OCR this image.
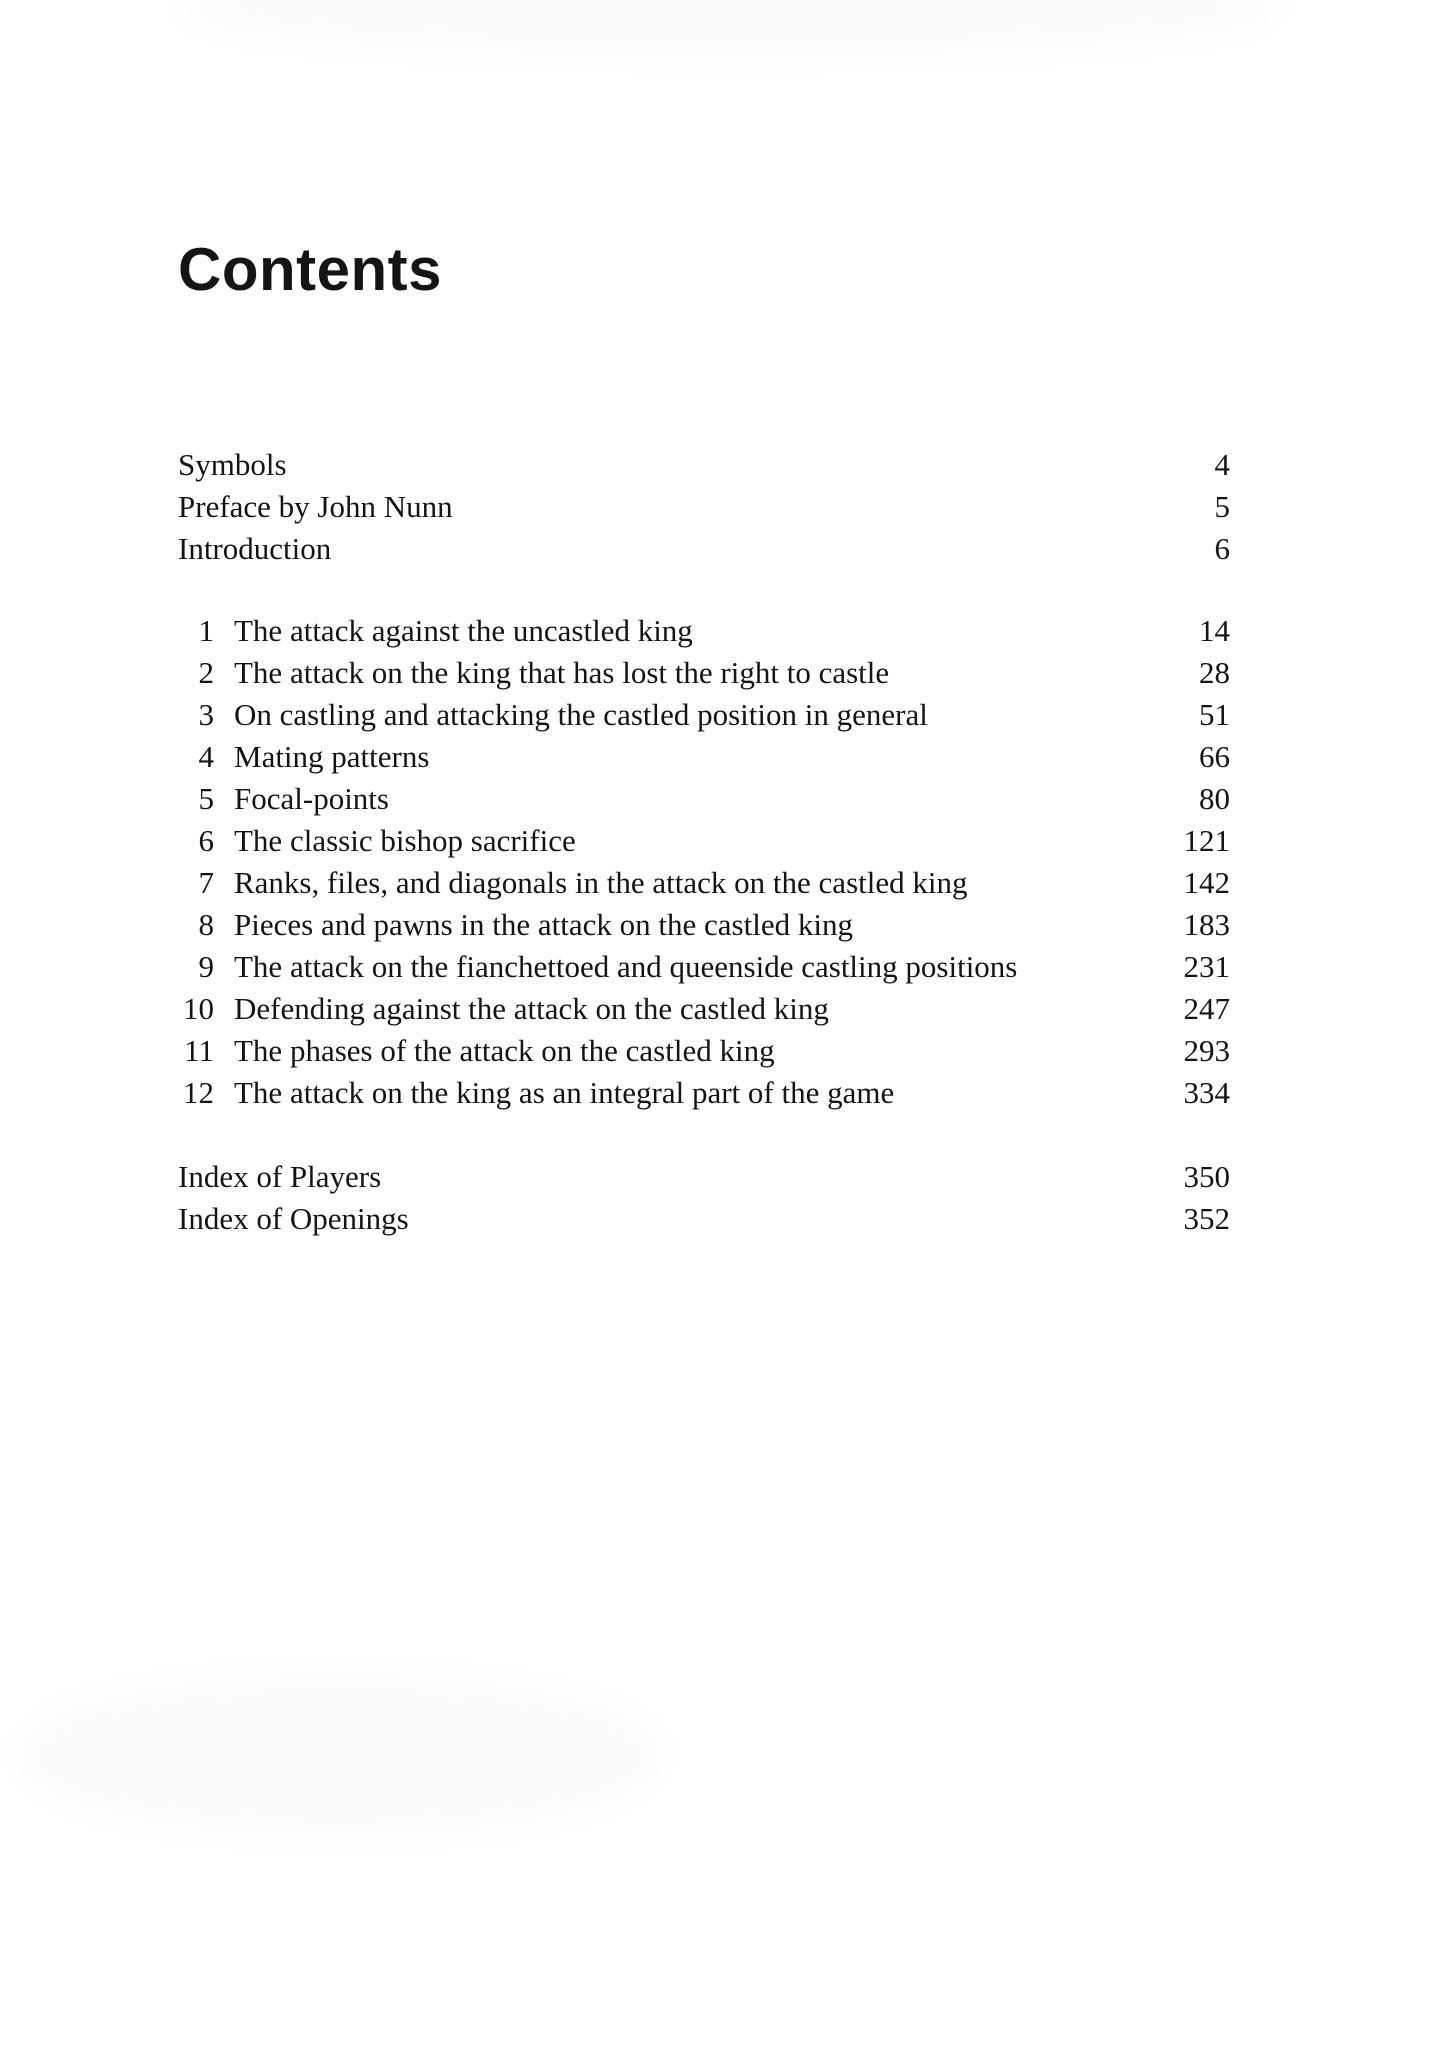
Contents
Symbols	4
Preface by John Nunn	5
Introduction	6
1 The attack against the uncastled king	14
2 The attack on the king that has lost the right to castle	28
3 On castling and attacking the castled position in general	51
4 Mating patterns	66
5 Focal-points	80
6 The classic bishop sacrifice	121
7 Ranks, files, and diagonals in the attack on the castled king	142
8 Pieces and pawns in the attack on the castled king	183
9 The attack on the fianchettoed and queenside castling positions	231
10 Defending against the attack on the castled king	247
11 The phases of the attack on the castled king	293
12 The attack on the king as an integral part of the game	334
Index of Players	350
Index of Openings	352
